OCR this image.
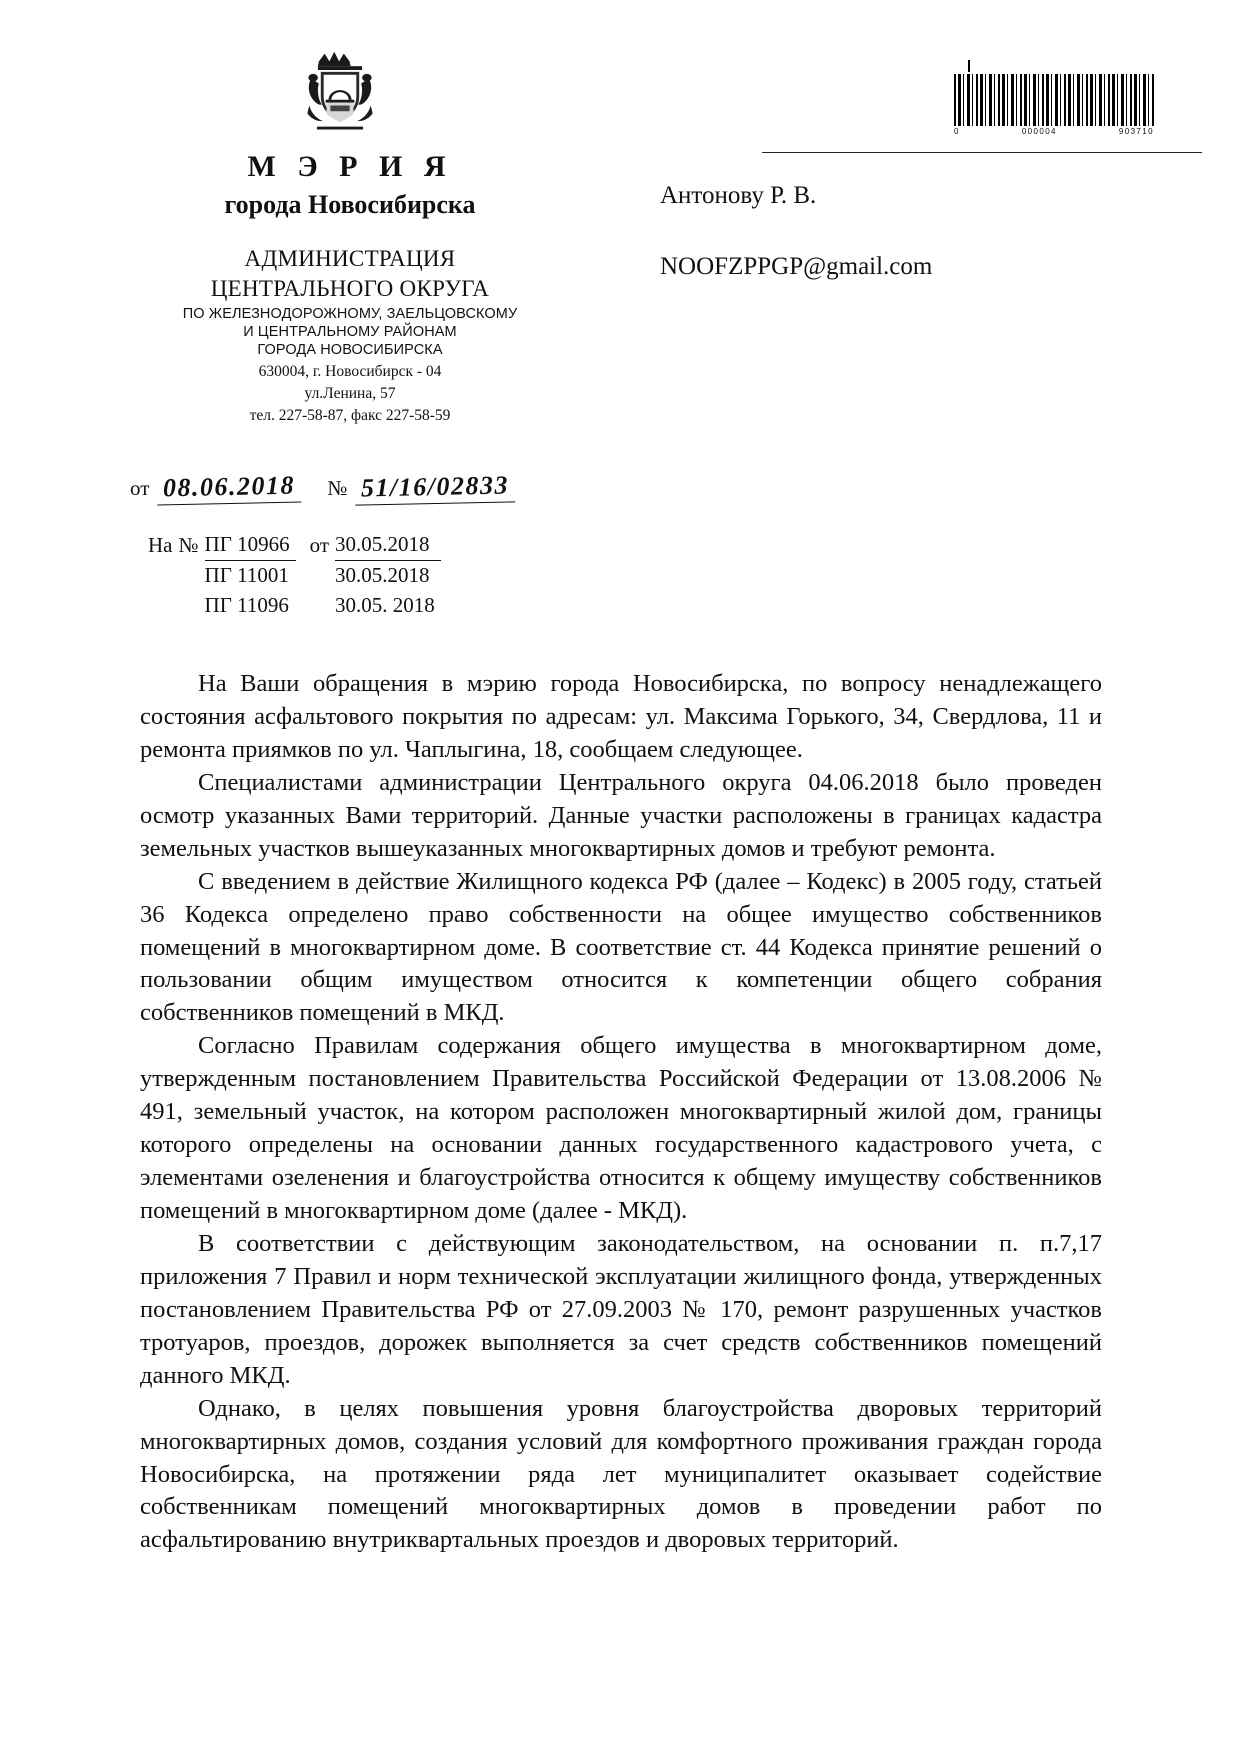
0	000004	903710

М Э Р И Я

города Новосибирска

АДМИНИСТРАЦИЯ

ЦЕНТРАЛЬНОГО ОКРУГА

ПО ЖЕЛЕЗНОДОРОЖНОМУ, ЗАЕЛЬЦОВСКОМУ

И ЦЕНТРАЛЬНОМУ РАЙОНАМ

ГОРОДА НОВОСИБИРСКА

630004, г. Новосибирск - 04

ул.Ленина, 57

тел. 227-58-87, факс 227-58-59

Антонову Р. В.
NOOFZPPGP@gmail.com
от 08.06.2018	№ 51/16/02833
На	№	ПГ 10966	от	30.05.2018
		ПГ 11001		30.05.2018
		ПГ 11096		30.05. 2018

На Ваши обращения в мэрию города Новосибирска, по вопросу ненадлежащего состояния асфальтового покрытия по адресам: ул. Максима Горького, 34, Свердлова, 11 и ремонта приямков по ул. Чаплыгина, 18, сообщаем следующее.

Специалистами администрации Центрального округа 04.06.2018 было проведен осмотр указанных Вами территорий. Данные участки расположены в границах кадастра земельных участков вышеуказанных многоквартирных домов и требуют ремонта.

С введением в действие Жилищного кодекса РФ (далее – Кодекс) в 2005 году, статьей 36 Кодекса определено право собственности на общее имущество собственников помещений в многоквартирном доме. В соответствие ст. 44 Кодекса принятие решений о пользовании общим имуществом относится к компетенции общего собрания собственников помещений в МКД.

Согласно Правилам содержания общего имущества в многоквартирном доме, утвержденным постановлением Правительства Российской Федерации от 13.08.2006 № 491, земельный участок, на котором расположен многоквартирный жилой дом, границы которого определены на основании данных государственного кадастрового учета, с элементами озеленения и благоустройства относится к общему имуществу собственников помещений в многоквартирном доме (далее - МКД).

В соответствии с действующим законодательством, на основании п. п.7,17 приложения 7 Правил и норм технической эксплуатации жилищного фонда, утвержденных постановлением Правительства РФ от 27.09.2003 № 170, ремонт разрушенных участков тротуаров, проездов, дорожек выполняется за счет средств собственников помещений данного МКД.

Однако, в целях повышения уровня благоустройства дворовых территорий многоквартирных домов, создания условий для комфортного проживания граждан города Новосибирска, на протяжении ряда лет муниципалитет оказывает содействие собственникам помещений многоквартирных домов в проведении работ по асфальтированию внутриквартальных проездов и дворовых территорий.
